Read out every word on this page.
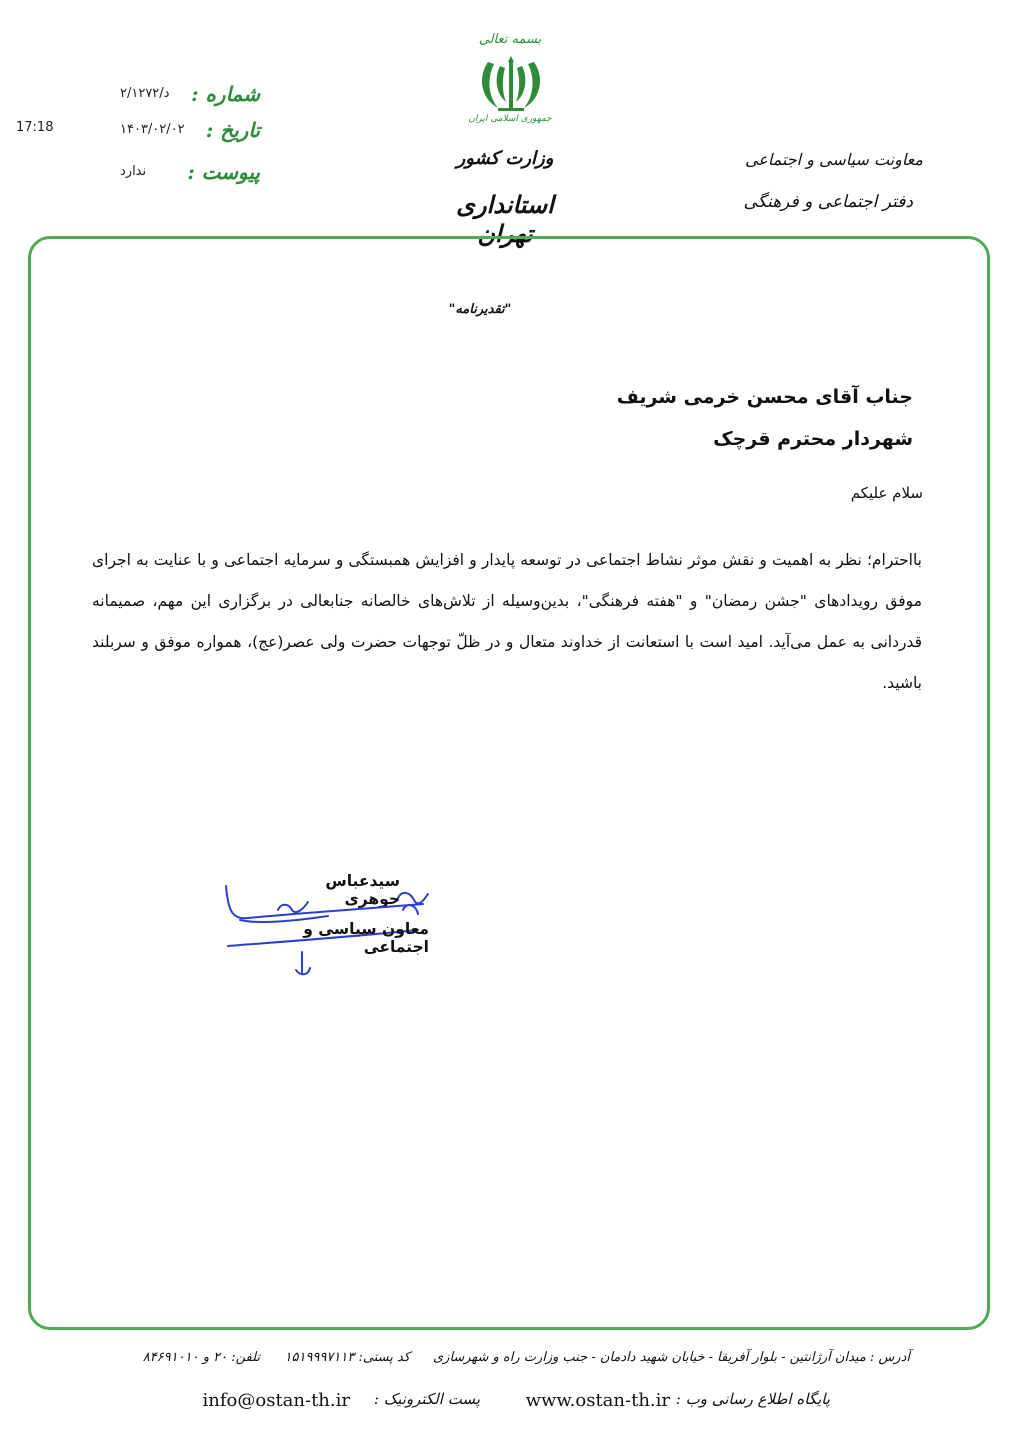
شماره :
د/۲/۱۲۷۲
تاریخ :
۱۴۰۳/۰۲/۰۲
پیوست :
ندارد
17:18
بسمه تعالی
جمهوری اسلامی ایران
وزارت کشور
استانداری تهران
معاونت سیاسی و اجتماعی
دفتر اجتماعی و فرهنگی
"تقدیرنامه"
جناب آقای محسن خرمی شریف
شهردار محترم قرچک
سلام علیکم
بااحترام؛ نظر به اهمیت و نقش موثر نشاط اجتماعی در توسعه پایدار و افزایش همبستگی و سرمایه اجتماعی و با عنایت به اجرای موفق رویدادهای "جشن رمضان" و "هفته فرهنگی"، بدین‌وسیله از تلاش‌های خالصانه جنابعالی در برگزاری این مهم، صمیمانه قدردانی به عمل می‌آید. امید است با استعانت از خداوند متعال و در ظلّ توجهات حضرت ولی عصر(عج)، همواره موفق و سربلند باشید.
سیدعباس جوهری
معاون سیاسی و اجتماعی
آدرس : میدان آرژانتین - بلوار آفریقا - خیابان شهید دادمان - جنب وزارت راه و شهرسازی
کد پستی: ۱۵۱۹۹۹۷۱۱۳
تلفن: ۲۰ و ۸۴۶۹۱۰۱۰
پایگاه اطلاع رسانی وب :
www.ostan-th.ir
پست الکترونیک :
info@ostan-th.ir
